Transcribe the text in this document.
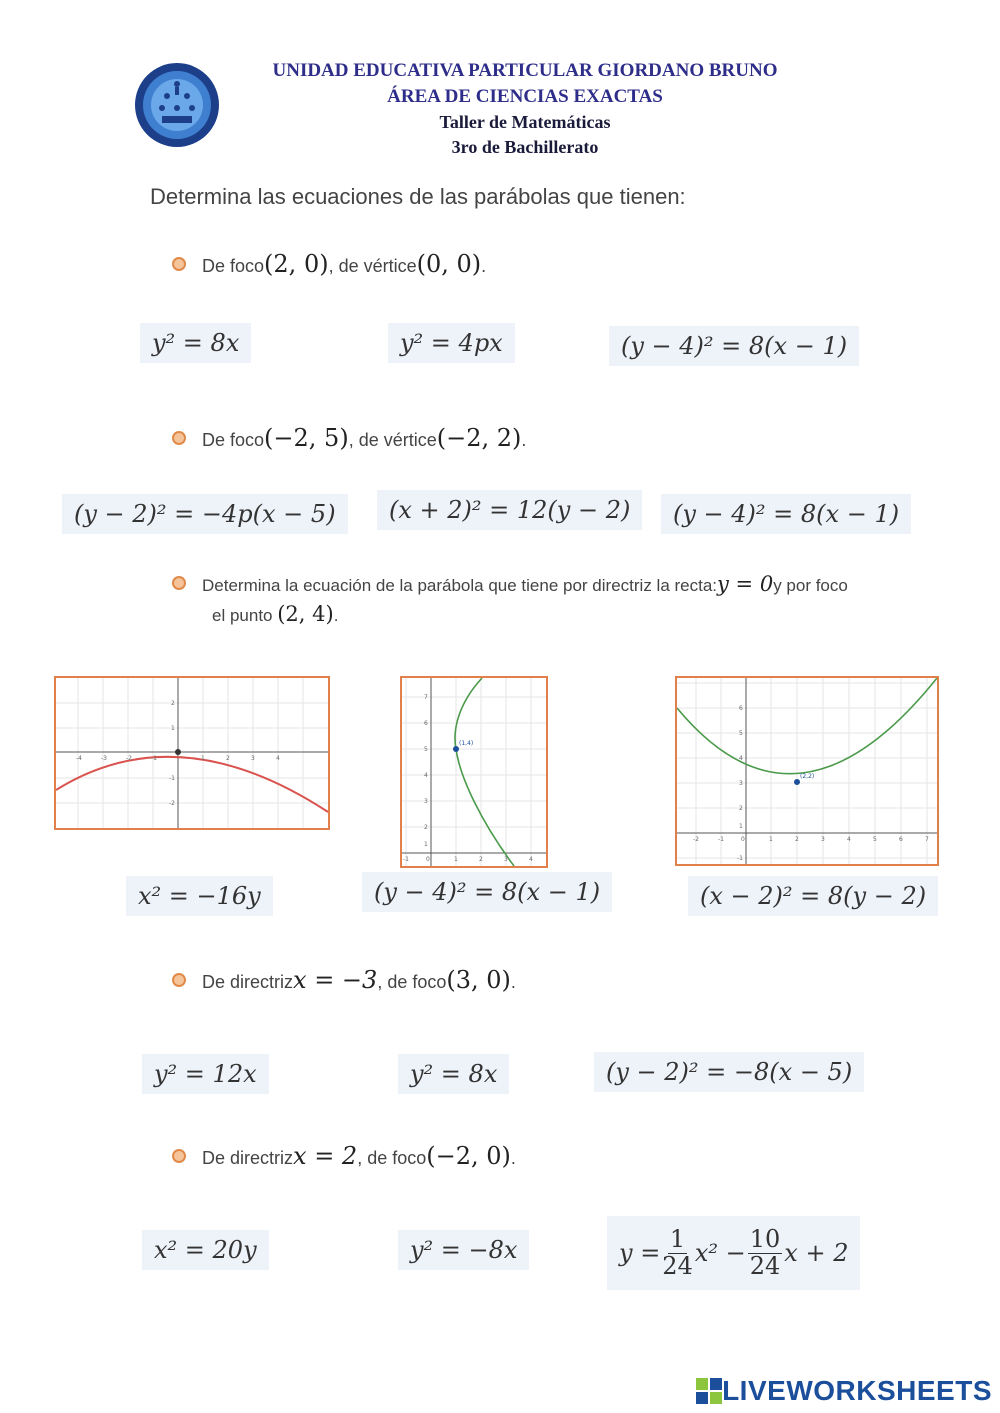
UNIDAD EDUCATIVA PARTICULAR GIORDANO BRUNO
ÁREA DE CIENCIAS EXACTAS
Taller de Matemáticas
3ro de Bachillerato
Determina las ecuaciones de las parábolas que tienen:
De foco (2, 0) , de vértice (0, 0) .
y² = 8x	y² = 4px	(y − 4)² = 8(x − 1)
De foco (−2, 5) , de vértice (−2, 2) .
(y − 2)² = −4p(x − 5)	(x + 2)² = 12(y − 2)	(y − 4)² = 8(x − 1)
Determina la ecuación de la parábola que tiene por directriz la recta: y = 0 y por foco
el punto (2, 4).
-4	-3	-2	-1	1	2	3	4
2
1
-1
-2
(1,4)
-1	0	1	2	3	4
7
6
5
4
3
2
1
(2,2)
-2	-1	0	1	2	3	4	5	6	7
6
5
4
3
2
1
-1
x² = −16y	(y − 4)² = 8(x − 1)	(x − 2)² = 8(y − 2)
De directriz x = −3 , de foco (3, 0) .
y² = 12x	y² = 8x	(y − 2)² = −8(x − 5)
De directriz x = 2 , de foco (−2, 0) .
x² = 20y	y² = −8x	$y = \frac{1}{24} x^2 - \frac{10}{24}$ x + 2
LIVEWORKSHEETS
